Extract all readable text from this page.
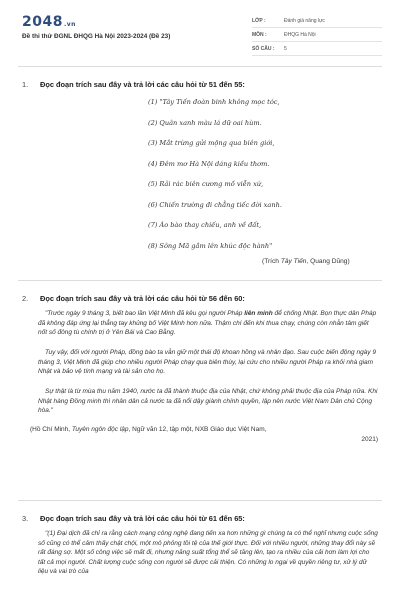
2048.vn
Đề thi thử ĐGNL ĐHQG Hà Nội 2023-2024 (Đề 23)
LỚP :	Đánh giá năng lực
MÔN :	ĐHQG Hà Nội
SỐ CÂU :	5
1.	Đọc đoạn trích sau đây và trả lời các câu hỏi từ 51 đến 55:
(1) "Tây Tiến đoàn binh không mọc tóc,
(2) Quân xanh màu lá dữ oai hùm.
(3) Mắt trừng gửi mộng qua biên giới,
(4) Đêm mơ Hà Nội dáng kiều thơm.
(5) Rải rác biên cương mồ viễn xứ,
(6) Chiến trường đi chẳng tiếc đời xanh.
(7) Áo bào thay chiếu, anh về đất,
(8) Sông Mã gầm lên khúc độc hành"
(Trích Tây Tiến, Quang Dũng)
2.	Đọc đoạn trích sau đây và trả lời các câu hỏi từ 56 đến 60:
"Trước ngày 9 tháng 3, biết bao lần Việt Minh đã kêu gọi người Pháp liên minh để chống Nhật. Bọn thực dân Pháp đã không đáp ứng lại thẳng tay khủng bố Việt Minh hơn nữa. Thậm chí đến khi thua chạy, chúng còn nhẫn tâm giết nốt số đông tù chính trị ở Yên Bái và Cao Bằng.
Tuy vậy, đối với người Pháp, đồng bào ta vẫn giữ một thái độ khoan hồng và nhân đạo. Sau cuộc biến động ngày 9 tháng 3, Việt Minh đã giúp cho nhiều người Pháp chạy qua biên thùy, lại cứu cho nhiều người Pháp ra khỏi nhà giam Nhật và bảo vệ tính mạng và tài sản cho họ.
Sự thật là từ mùa thu năm 1940, nước ta đã thành thuộc địa của Nhật, chứ không phải thuộc địa của Pháp nữa. Khi Nhật hàng Đồng minh thì nhân dân cả nước ta đã nổi dậy giành chính quyền, lập nên nước Việt Nam Dân chủ Cộng hòa."
(Hồ Chí Minh, Tuyên ngôn độc lập, Ngữ văn 12, tập một, NXB Giáo dục Việt Nam,
2021)
3.	Đọc đoạn trích sau đây và trả lời các câu hỏi từ 61 đến 65:
"(1) Đại dịch đã chỉ ra rằng cách mạng công nghệ đang tiến xa hơn những gì chúng ta có thể nghĩ nhưng cuộc sống số cũng có thể cảm thấy chật chội, một mô phỏng tồi tệ của thế giới thực. Đối với nhiều người, những thay đổi này sẽ rất đáng sợ. Một số công việc sẽ mất đi, nhưng năng suất tổng thể sẽ tăng lên, tạo ra nhiều của cải hơn làm lợi cho tất cả mọi người. Chất lượng cuộc sống con người sẽ được cải thiện. Có những lo ngại về quyền riêng tư, xử lý dữ liệu và vai trò của
